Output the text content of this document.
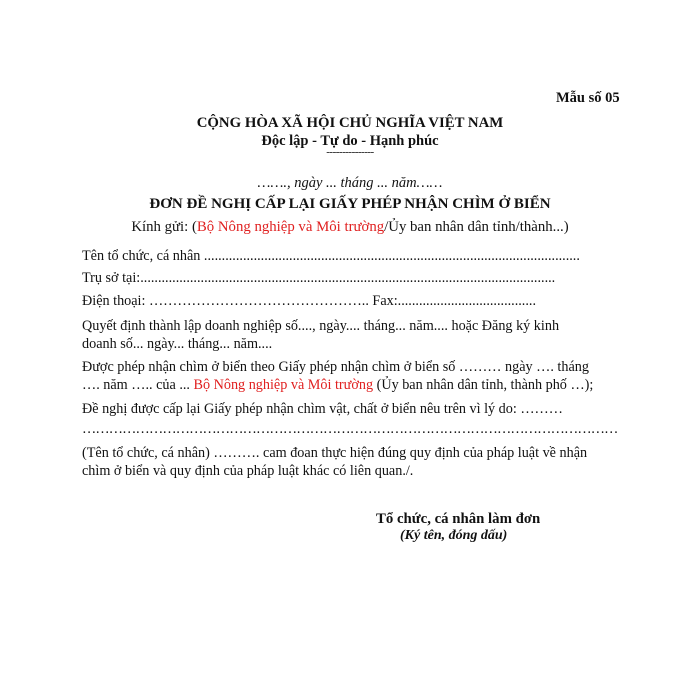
Mẫu số 05
CỘNG HÒA XÃ HỘI CHỦ NGHĨA VIỆT NAM
Độc lập - Tự do - Hạnh phúc
---------------
……., ngày ... tháng ... năm……
ĐƠN ĐỀ NGHỊ CẤP LẠI GIẤY PHÉP NHẬN CHÌM Ở BIỂN
Kính gửi: (Bộ Nông nghiệp và Môi trường/Ủy ban nhân dân tỉnh/thành...)
Tên tổ chức, cá nhân ..........................................................................................................
Trụ sở tại:.....................................................................................................................
Điện thoại: ……………………………………….. Fax:.......................................
Quyết định thành lập doanh nghiệp số...., ngày.... tháng... năm.... hoặc Đăng ký kinh
doanh số... ngày... tháng... năm....
Được phép nhận chìm ở biển theo Giấy phép nhận chìm ở biển số ……… ngày …. tháng
…. năm ….. của ... Bộ Nông nghiệp và Môi trường (Ủy ban nhân dân tỉnh, thành phố …);
Đề nghị được cấp lại Giấy phép nhận chìm vật, chất ở biển nêu trên vì lý do: ………
…………………………………………………………………………………………………………
(Tên tổ chức, cá nhân) ………. cam đoan thực hiện đúng quy định của pháp luật về nhận
chìm ở biển và quy định của pháp luật khác có liên quan./.
Tổ chức, cá nhân làm đơn
(Ký tên, đóng dấu)
